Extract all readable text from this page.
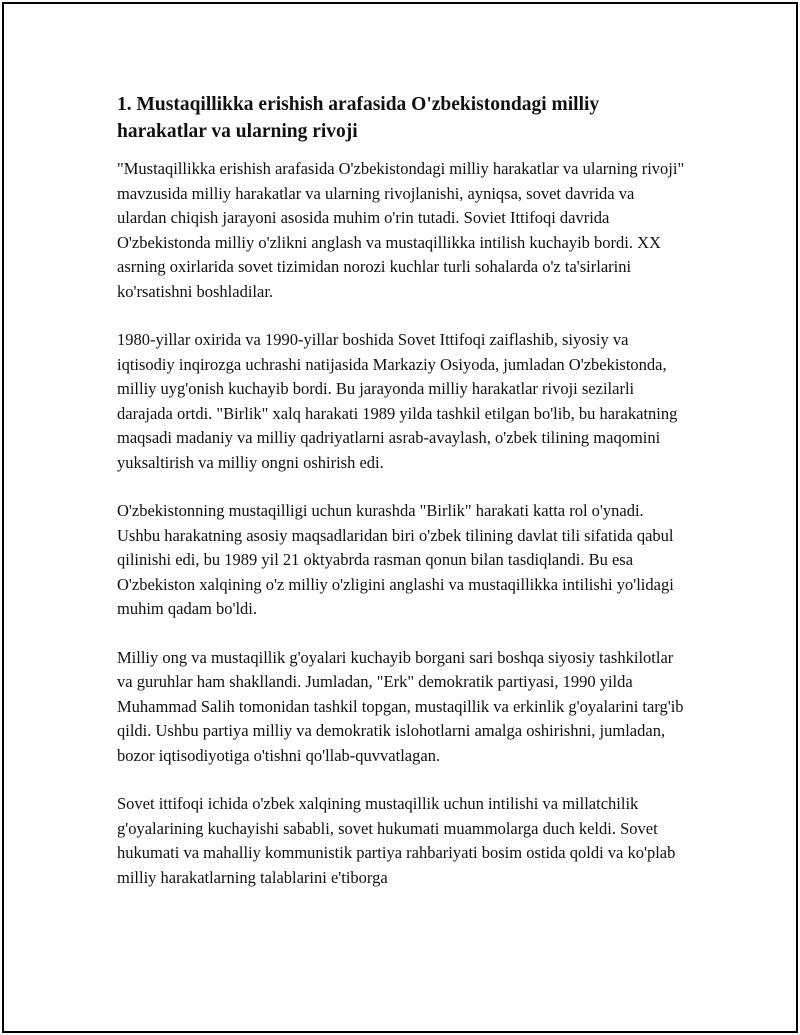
1. Mustaqillikka erishish arafasida O'zbekistondagi milliy harakatlar va ularning rivoji

"Mustaqillikka erishish arafasida O'zbekistondagi milliy harakatlar va ularning rivoji" mavzusida milliy harakatlar va ularning rivojlanishi, ayniqsa, sovet davrida va ulardan chiqish jarayoni asosida muhim o'rin tutadi. Soviet Ittifoqi davrida O'zbekistonda milliy o'zlikni anglash va mustaqillikka intilish kuchayib bordi. XX asrning oxirlarida sovet tizimidan norozi kuchlar turli sohalarda o'z ta'sirlarini ko'rsatishni boshladilar.

1980-yillar oxirida va 1990-yillar boshida Sovet Ittifoqi zaiflashib, siyosiy va iqtisodiy inqirozga uchrashi natijasida Markaziy Osiyoda, jumladan O'zbekistonda, milliy uyg'onish kuchayib bordi. Bu jarayonda milliy harakatlar rivoji sezilarli darajada ortdi. "Birlik" xalq harakati 1989 yilda tashkil etilgan bo'lib, bu harakatning maqsadi madaniy va milliy qadriyatlarni asrab-avaylash, o'zbek tilining maqomini yuksaltirish va milliy ongni oshirish edi.

O'zbekistonning mustaqilligi uchun kurashda "Birlik" harakati katta rol o'ynadi. Ushbu harakatning asosiy maqsadlaridan biri o'zbek tilining davlat tili sifatida qabul qilinishi edi, bu 1989 yil 21 oktyabrda rasman qonun bilan tasdiqlandi. Bu esa O'zbekiston xalqining o'z milliy o'zligini anglashi va mustaqillikka intilishi yo'lidagi muhim qadam bo'ldi.

Milliy ong va mustaqillik g'oyalari kuchayib borgani sari boshqa siyosiy tashkilotlar va guruhlar ham shakllandi. Jumladan, "Erk" demokratik partiyasi, 1990 yilda Muhammad Salih tomonidan tashkil topgan, mustaqillik va erkinlik g'oyalarini targ'ib qildi. Ushbu partiya milliy va demokratik islohotlarni amalga oshirishni, jumladan, bozor iqtisodiyotiga o'tishni qo'llab-quvvatlagan.

Sovet ittifoqi ichida o'zbek xalqining mustaqillik uchun intilishi va millatchilik g'oyalarining kuchayishi sababli, sovet hukumati muammolarga duch keldi. Sovet hukumati va mahalliy kommunistik partiya rahbariyati bosim ostida qoldi va ko'plab milliy harakatlarning talablarini e'tiborga
